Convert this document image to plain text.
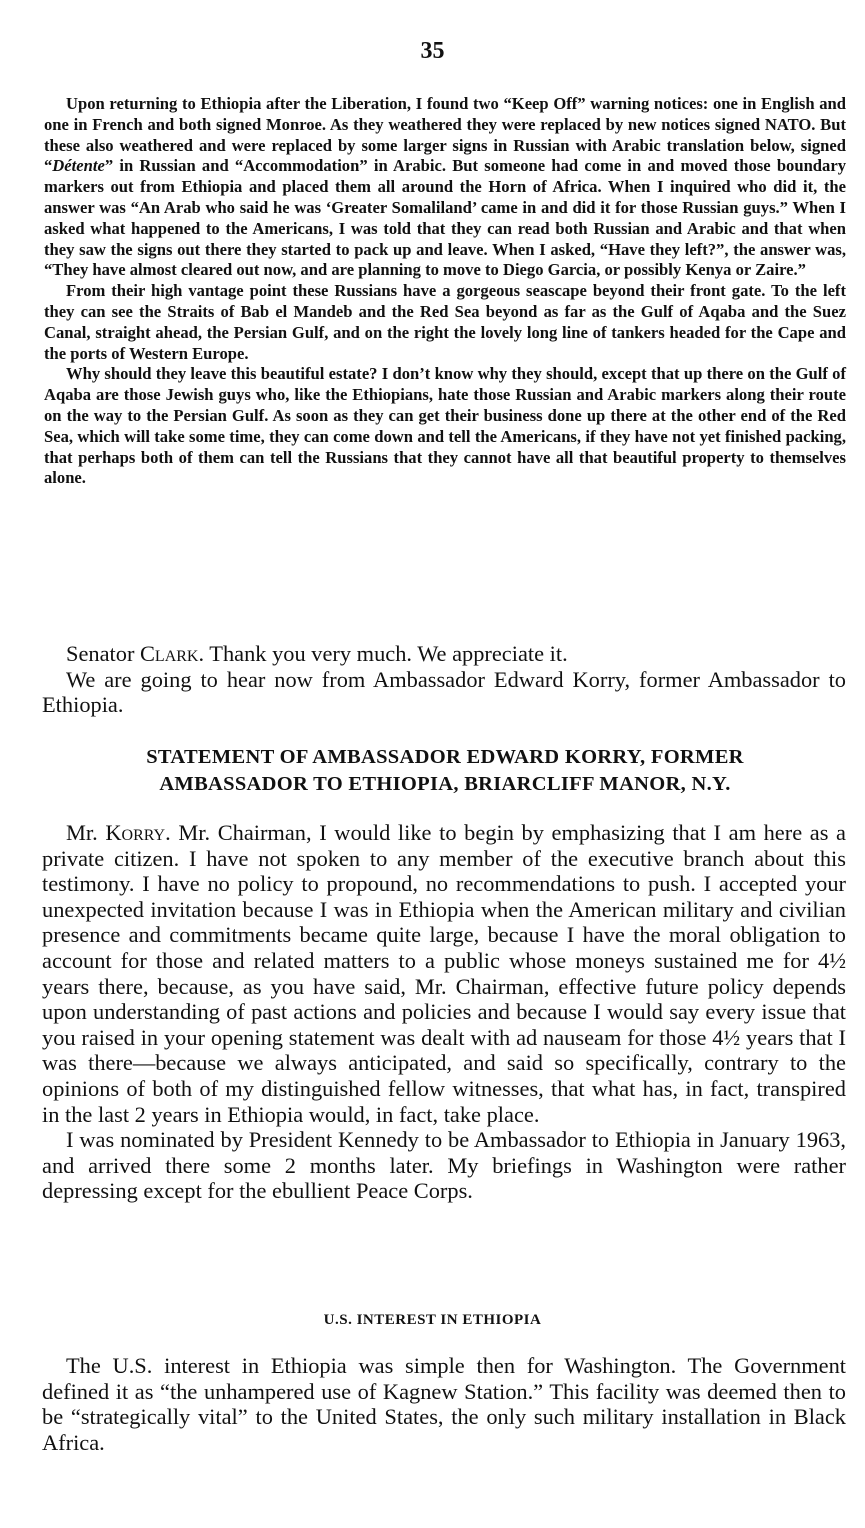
35

Upon returning to Ethiopia after the Liberation, I found two “Keep Off” warning notices: one in English and one in French and both signed Monroe. As they weathered they were replaced by new notices signed NATO. But these also weathered and were replaced by some larger signs in Russian with Arabic translation below, signed “Détente” in Russian and “Accommodation” in Arabic. But someone had come in and moved those boundary markers out from Ethiopia and placed them all around the Horn of Africa. When I inquired who did it, the answer was “An Arab who said he was ‘Greater Somaliland’ came in and did it for those Russian guys.” When I asked what happened to the Americans, I was told that they can read both Russian and Arabic and that when they saw the signs out there they started to pack up and leave. When I asked, “Have they left?”, the answer was, “They have almost cleared out now, and are planning to move to Diego Garcia, or possibly Kenya or Zaire.”

From their high vantage point these Russians have a gorgeous seascape beyond their front gate. To the left they can see the Straits of Bab el Mandeb and the Red Sea beyond as far as the Gulf of Aqaba and the Suez Canal, straight ahead, the Persian Gulf, and on the right the lovely long line of tankers headed for the Cape and the ports of Western Europe.

Why should they leave this beautiful estate? I don’t know why they should, except that up there on the Gulf of Aqaba are those Jewish guys who, like the Ethiopians, hate those Russian and Arabic markers along their route on the way to the Persian Gulf. As soon as they can get their business done up there at the other end of the Red Sea, which will take some time, they can come down and tell the Americans, if they have not yet finished packing, that perhaps both of them can tell the Russians that they cannot have all that beautiful property to themselves alone.

Senator Clark. Thank you very much. We appreciate it.

We are going to hear now from Ambassador Edward Korry, former Ambassador to Ethiopia.

STATEMENT OF AMBASSADOR EDWARD KORRY, FORMER
AMBASSADOR TO ETHIOPIA, BRIARCLIFF MANOR, N.Y.

Mr. Korry. Mr. Chairman, I would like to begin by emphasizing that I am here as a private citizen. I have not spoken to any member of the executive branch about this testimony. I have no policy to propound, no recommendations to push. I accepted your unexpected invitation because I was in Ethiopia when the American military and civilian presence and commitments became quite large, because I have the moral obligation to account for those and related matters to a public whose moneys sustained me for 4½ years there, because, as you have said, Mr. Chairman, effective future policy depends upon understanding of past actions and policies and because I would say every issue that you raised in your opening statement was dealt with ad nauseam for those 4½ years that I was there—because we always anticipated, and said so specifically, contrary to the opinions of both of my distinguished fellow witnesses, that what has, in fact, transpired in the last 2 years in Ethiopia would, in fact, take place.

I was nominated by President Kennedy to be Ambassador to Ethiopia in January 1963, and arrived there some 2 months later. My briefings in Washington were rather depressing except for the ebullient Peace Corps.

U.S. INTEREST IN ETHIOPIA

The U.S. interest in Ethiopia was simple then for Washington. The Government defined it as “the unhampered use of Kagnew Station.” This facility was deemed then to be “strategically vital” to the United States, the only such military installation in Black Africa.
